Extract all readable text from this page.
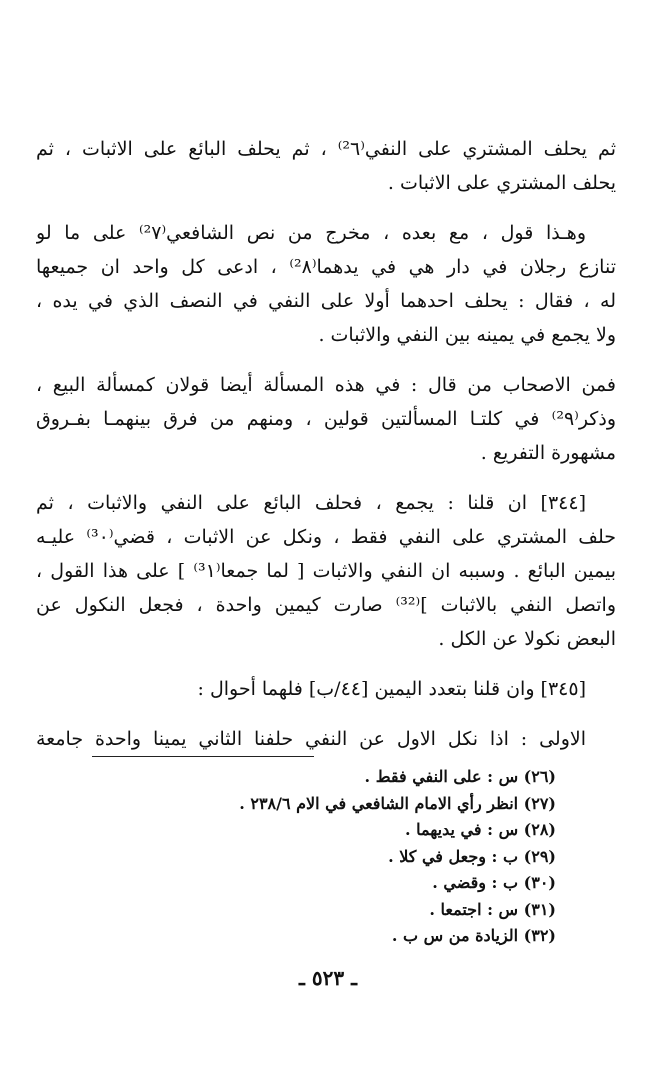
ثم يحلف المشتري على النفي⁽²٦⁾ ، ثم يحلف البائع على الاثبات ، ثم
يحلف المشتري على الاثبات .
وهـذا قول ، مع بعده ، مخرج من نص الشافعي⁽²٧⁾ على ما لو
تنازع رجلان في دار هي في يدهما⁽²٨⁾ ، ادعى كل واحد ان جميعها
له ، فقال : يحلف احدهما أولا على النفي في النصف الذي في يده ،
ولا يجمع في يمينه بين النفي والاثبات .
فمن الاصحاب من قال : في هذه المسألة أيضا قولان كمسألة البيع ،
وذكر⁽²٩⁾ في كلتـا المسألتين قولين ، ومنهم من فرق بينهمـا بفـروق
مشهورة التفريع .
[٣٤٤] ان قلنا : يجمع ، فحلف البائع على النفي والاثبات ، ثم
حلف المشتري على النفي فقط ، ونكل عن الاثبات ، قضي⁽³٠⁾ عليـه
بيمين البائع . وسببه ان النفي والاثبات [ لما جمعا⁽³١⁾ ] على هذا القول ،
واتصل النفي بالاثبات ]⁽³²⁾ صارت كيمين واحدة ، فجعل النكول عن
البعض نكولا عن الكل .
[٣٤٥] وان قلنا بتعدد اليمين [٤٤/ب] فلهما أحوال :
الاولى : اذا نكل الاول عن النفي حلفنا الثاني يمينا واحدة جامعة
(٢٦) س : على النفي فقط .
(٢٧) انظر رأي الامام الشافعي في الام ٢٣٨/٦ .
(٢٨) س : في يديهما .
(٢٩) ب : وجعل في كلا .
(٣٠) ب : وقضي .
(٣١) س : اجتمعا .
(٣٢) الزيادة من س ب .
ـ ٥٢٣ ـ
